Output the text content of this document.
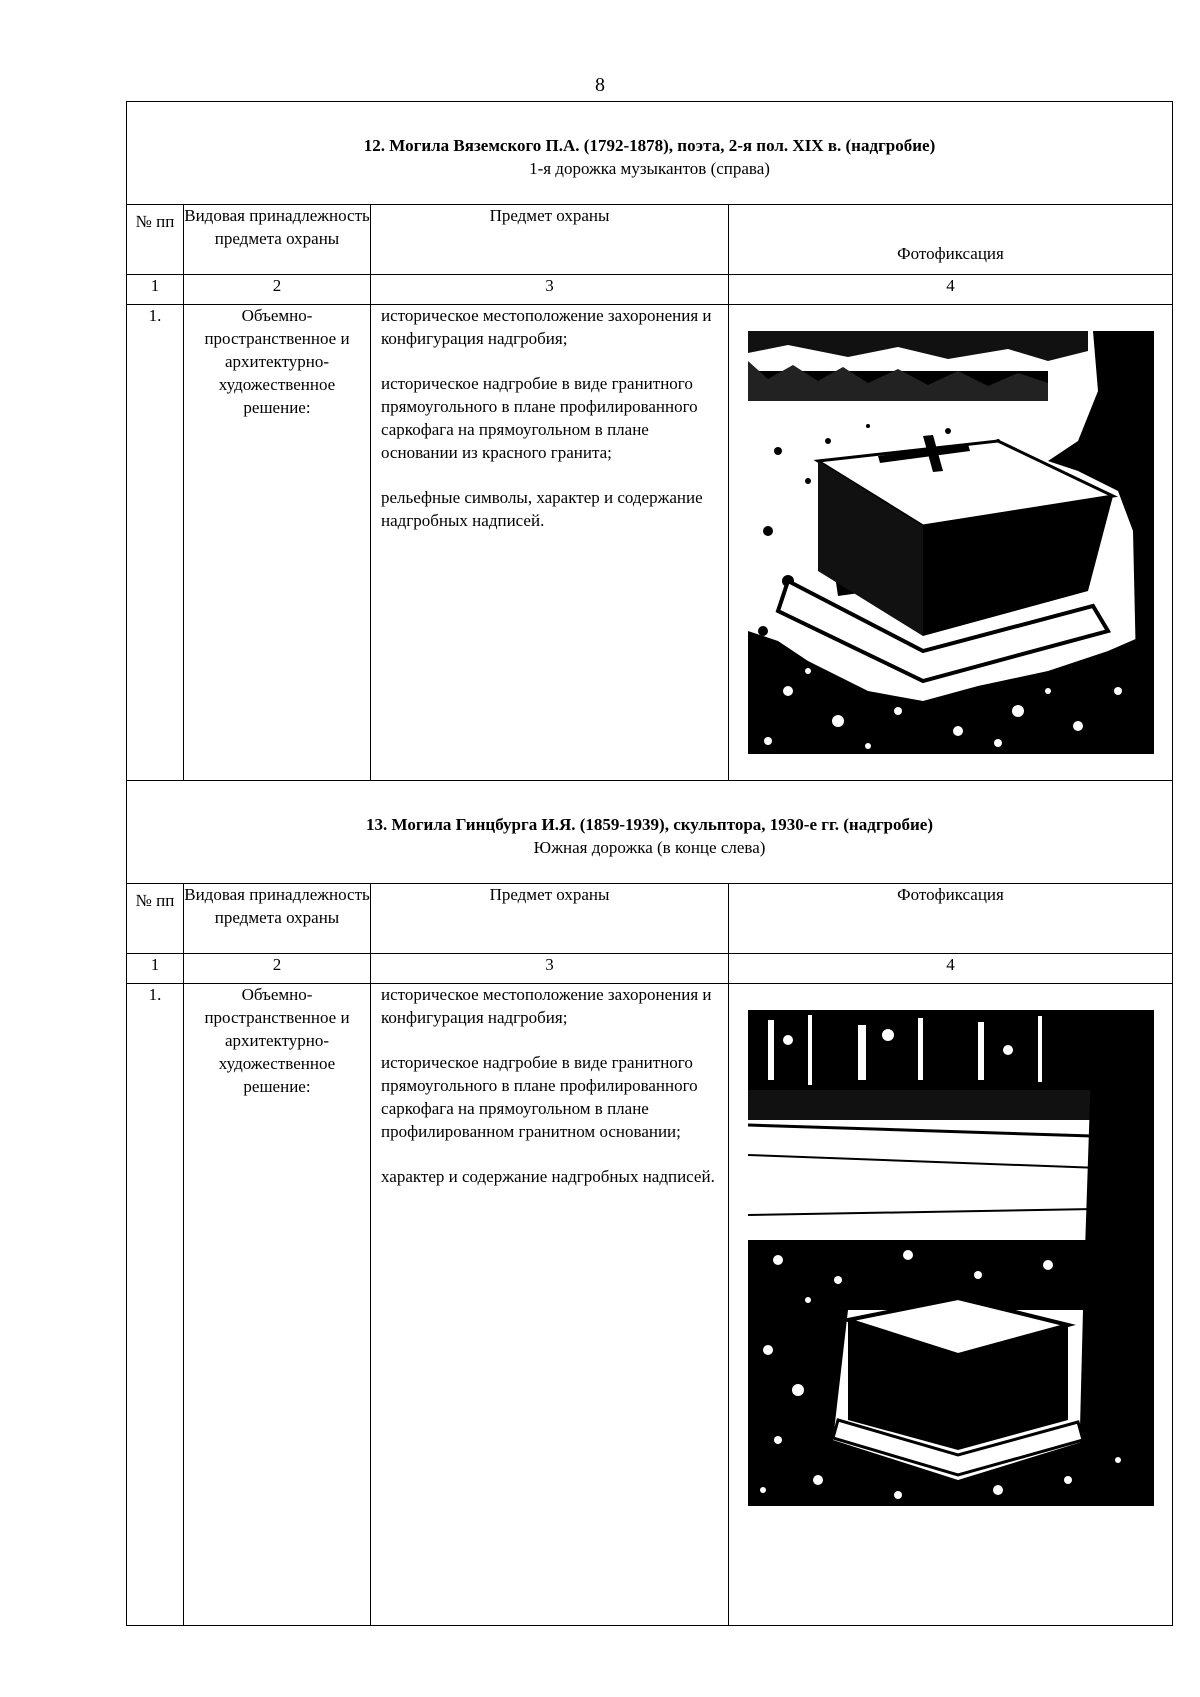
8
12. Могила Вяземского П.А. (1792-1878), поэта, 2-я пол. XIX в. (надгробие)
1-я дорожка музыкантов (справа)			

№ пп	Видовая принадлежность предмета охраны	Предмет охраны	Фотофиксация
1	2	3	4
1.	Объемно-пространственное и архитектурно-художественное решение:	историческое местоположение захоронения и конфигурация надгробия;

историческое надгробие в виде гранитного прямоугольного в плане профилированного саркофага на прямоугольном в плане основании из красного гранита;

рельефные символы, характер и содержание надгробных надписей.

13. Могила Гинцбурга И.Я. (1859-1939), скульптора, 1930-е гг. (надгробие)
Южная дорожка (в конце слева)			

№ пп	Видовая принадлежность предмета охраны	Предмет охраны	Фотофиксация
1	2	3	4
1.	Объемно-пространственное и архитектурно-художественное решение:	историческое местоположение захоронения и конфигурация надгробия;

историческое надгробие в виде гранитного прямоугольного в плане профилированного саркофага на прямоугольном в плане профилированном гранитном основании;

характер и содержание надгробных надписей.
